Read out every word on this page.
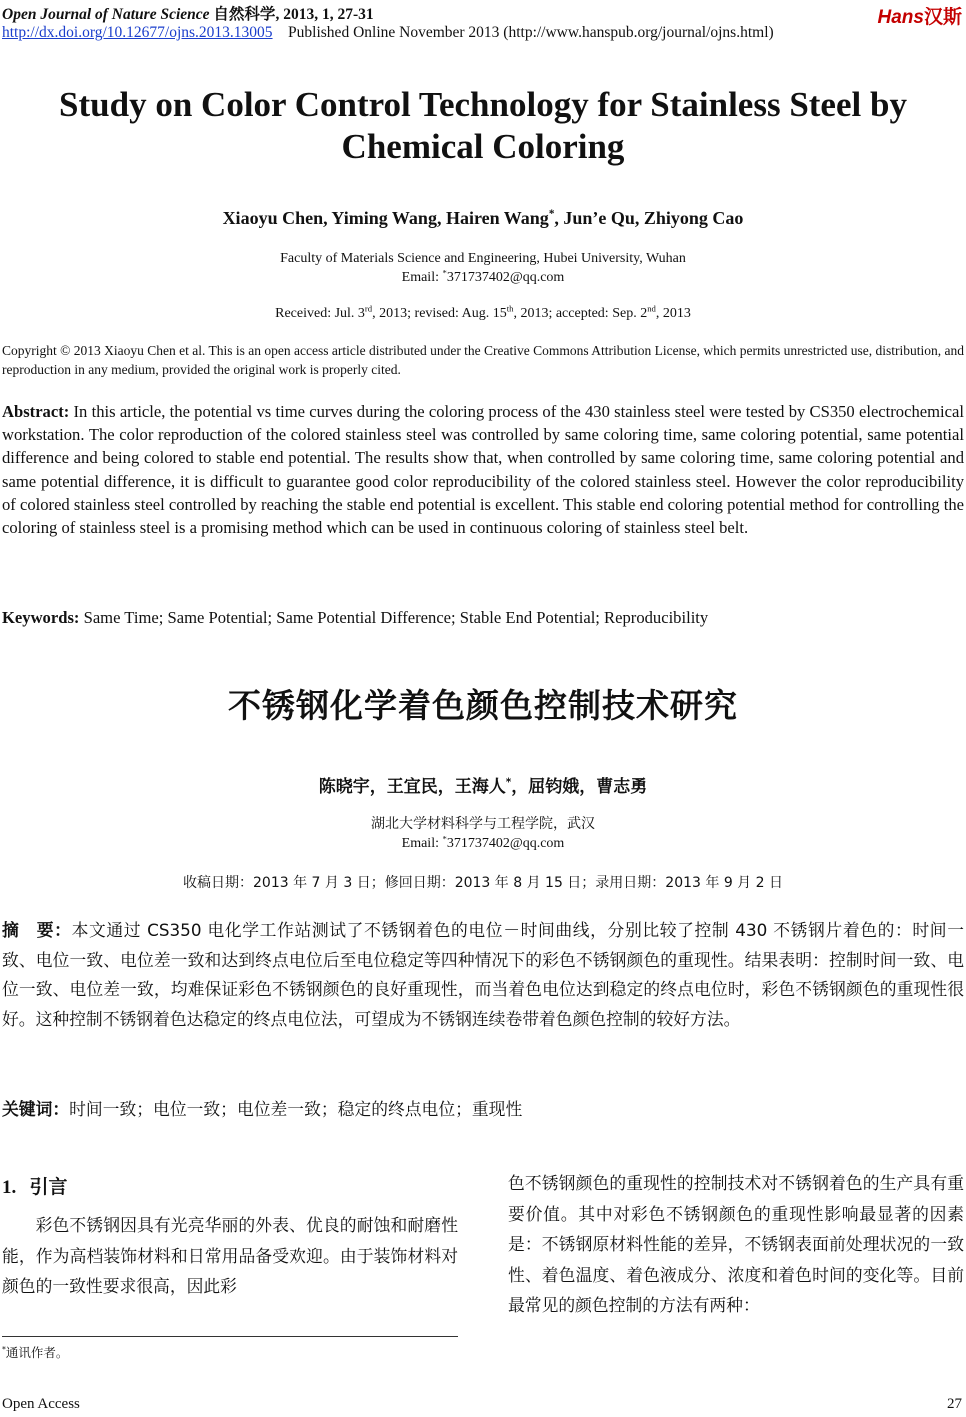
Open Journal of Nature Science 自然科学, 2013, 1, 27-31
http://dx.doi.org/10.12677/ojns.2013.13005 Published Online November 2013 (http://www.hanspub.org/journal/ojns.html)
Hans汉斯
Study on Color Control Technology for Stainless Steel by
Chemical Coloring
Xiaoyu Chen, Yiming Wang, Hairen Wang*, Jun’e Qu, Zhiyong Cao
Faculty of Materials Science and Engineering, Hubei University, Wuhan
Email: *371737402@qq.com
Received: Jul. 3rd, 2013; revised: Aug. 15th, 2013; accepted: Sep. 2nd, 2013
Copyright © 2013 Xiaoyu Chen et al. This is an open access article distributed under the Creative Commons Attribution License, which permits unrestricted use, distribution, and reproduction in any medium, provided the original work is properly cited.
Abstract: In this article, the potential vs time curves during the coloring process of the 430 stainless steel were tested by CS350 electrochemical workstation. The color reproduction of the colored stainless steel was controlled by same coloring time, same coloring potential, same potential difference and being colored to stable end potential. The results show that, when controlled by same coloring time, same coloring potential and same potential difference, it is difficult to guarantee good color reproducibility of the colored stainless steel. However the color reproducibility of colored stainless steel controlled by reaching the stable end potential is excellent. This stable end coloring potential method for controlling the coloring of stainless steel is a promising method which can be used in continuous coloring of stainless steel belt.
Keywords: Same Time; Same Potential; Same Potential Difference; Stable End Potential; Reproducibility
不锈钢化学着色颜色控制技术研究
陈晓宇，王宜民，王海人*，屈钧娥，曹志勇
湖北大学材料科学与工程学院，武汉
Email: *371737402@qq.com
收稿日期：2013 年 7 月 3 日；修回日期：2013 年 8 月 15 日；录用日期：2013 年 9 月 2 日
摘　要：本文通过 CS350 电化学工作站测试了不锈钢着色的电位－时间曲线，分别比较了控制 430 不锈钢片着色的：时间一致、电位一致、电位差一致和达到终点电位后至电位稳定等四种情况下的彩色不锈钢颜色的重现性。结果表明：控制时间一致、电位一致、电位差一致，均难保证彩色不锈钢颜色的良好重现性，而当着色电位达到稳定的终点电位时，彩色不锈钢颜色的重现性很好。这种控制不锈钢着色达稳定的终点电位法，可望成为不锈钢连续卷带着色颜色控制的较好方法。
关键词：时间一致；电位一致；电位差一致；稳定的终点电位；重现性
1. 引言
彩色不锈钢因具有光亮华丽的外表、优良的耐蚀和耐磨性能，作为高档装饰材料和日常用品备受欢迎。由于装饰材料对颜色的一致性要求很高，因此彩
色不锈钢颜色的重现性的控制技术对不锈钢着色的生产具有重要价值。其中对彩色不锈钢颜色的重现性影响最显著的因素是：不锈钢原材料性能的差异，不锈钢表面前处理状况的一致性、着色温度、着色液成分、浓度和着色时间的变化等。目前最常见的颜色控制的方法有两种：
*通讯作者。
Open Access	27
